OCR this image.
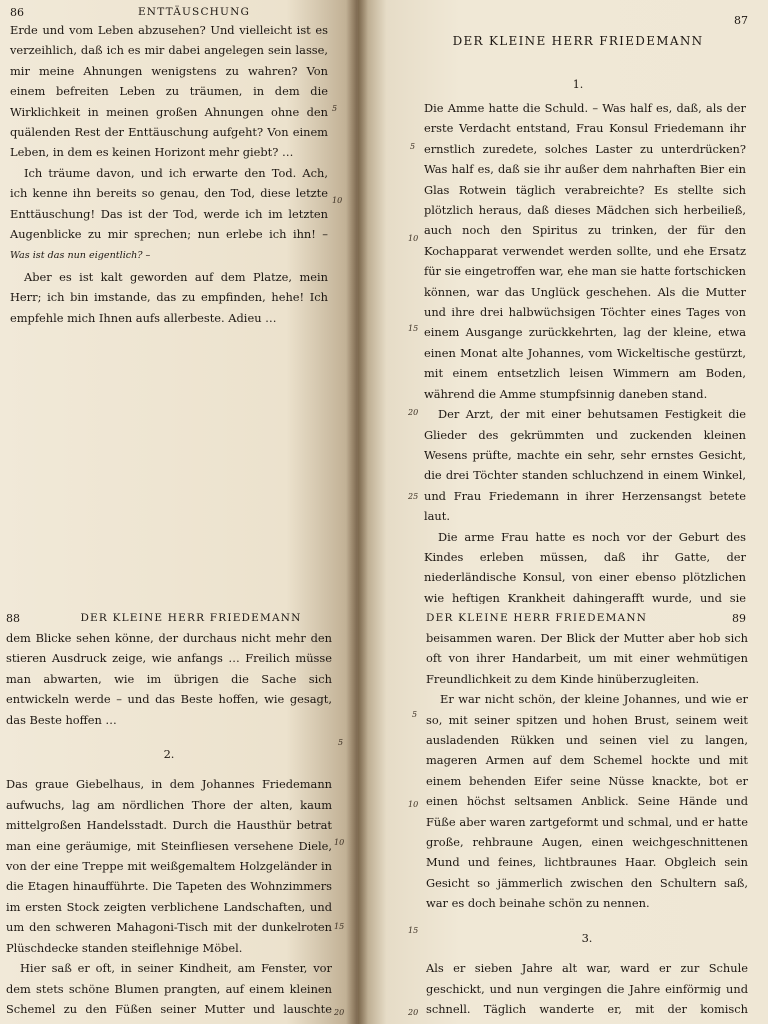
86	ENTTÄUSCHUNG

Erde und vom Leben abzusehen? Und vielleicht ist es verzeihlich, daß ich es mir dabei angelegen sein lasse, mir meine Ahnungen wenigstens zu wahren? Von einem befreiten Leben zu träumen, in dem die Wirklichkeit in meinen großen Ahnungen ohne den quälenden Rest der Enttäuschung aufgeht? Von einem Leben, in dem es keinen Horizont mehr giebt? …

Ich träume davon, und ich erwarte den Tod. Ach, ich kenne ihn bereits so genau, den Tod, diese letzte Enttäuschung! Das ist der Tod, werde ich im letzten Augenblicke zu mir sprechen; nun erlebe ich ihn! – Was ist das nun eigentlich? –

Aber es ist kalt geworden auf dem Platze, mein Herr; ich bin imstande, das zu empfinden, hehe! Ich empfehle mich Ihnen aufs allerbeste. Adieu …

5
10
87
DER KLEINE HERR FRIEDEMANN
1.

Die Amme hatte die Schuld. – Was half es, daß, als der erste Verdacht entstand, Frau Konsul Friedemann ihr ernstlich zuredete, solches Laster zu unterdrücken? Was half es, daß sie ihr außer dem nahrhaften Bier ein Glas Rotwein täglich verabreichte? Es stellte sich plötzlich heraus, daß dieses Mädchen sich herbeiließ, auch noch den Spiritus zu trinken, der für den Kochapparat verwendet werden sollte, und ehe Ersatz für sie eingetroffen war, ehe man sie hatte fortschicken können, war das Unglück geschehen. Als die Mutter und ihre drei halbwüchsigen Töchter eines Tages von einem Ausgange zurückkehrten, lag der kleine, etwa einen Monat alte Johannes, vom Wickeltische gestürzt, mit einem entsetzlich leisen Wimmern am Boden, während die Amme stumpfsinnig daneben stand.

Der Arzt, der mit einer behutsamen Festigkeit die Glieder des gekrümmten und zuckenden kleinen Wesens prüfte, machte ein sehr, sehr ernstes Gesicht, die drei Töchter standen schluchzend in einem Winkel, und Frau Friedemann in ihrer Herzensangst betete laut.

Die arme Frau hatte es noch vor der Geburt des Kindes erleben müssen, daß ihr Gatte, der niederländische Konsul, von einer ebenso plötzlichen wie heftigen Krankheit dahingerafft wurde, und sie

5
10
15
20
25
88	DER KLEINE HERR FRIEDEMANN

dem Blicke sehen könne, der durchaus nicht mehr den stieren Ausdruck zeige, wie anfangs … Freilich müsse man abwarten, wie im übrigen die Sache sich entwickeln werde – und das Beste hoffen, wie gesagt, das Beste hoffen …

2.

Das graue Giebelhaus, in dem Johannes Friedemann aufwuchs, lag am nördlichen Thore der alten, kaum mittelgroßen Handelsstadt. Durch die Hausthür betrat man eine geräumige, mit Steinfliesen versehene Diele, von der eine Treppe mit weißgemaltem Holzgeländer in die Etagen hinaufführte. Die Tapeten des Wohnzimmers im ersten Stock zeigten verblichene Landschaften, und um den schweren Mahagoni-Tisch mit der dunkelroten Plüschdecke standen steiflehnige Möbel.

Hier saß er oft, in seiner Kindheit, am Fenster, vor dem stets schöne Blumen prangten, auf einem kleinen Schemel zu den Füßen seiner Mutter und lauschte

5
10
15
20
DER KLEINE HERR FRIEDEMANN	89

beisammen waren. Der Blick der Mutter aber hob sich oft von ihrer Handarbeit, um mit einer wehmütigen Freundlichkeit zu dem Kinde hinüberzugleiten.

Er war nicht schön, der kleine Johannes, und wie er so, mit seiner spitzen und hohen Brust, seinem weit ausladenden Rükken und seinen viel zu langen, mageren Armen auf dem Schemel hockte und mit einem behenden Eifer seine Nüsse knackte, bot er einen höchst seltsamen Anblick. Seine Hände und Füße aber waren zartgeformt und schmal, und er hatte große, rehbraune Augen, einen weichgeschnittenen Mund und feines, lichtbraunes Haar. Obgleich sein Gesicht so jämmerlich zwischen den Schultern saß, war es doch beinahe schön zu nennen.

3.

Als er sieben Jahre alt war, ward er zur Schule geschickt, und nun vergingen die Jahre einförmig und schnell. Täglich wanderte er, mit der komisch

5
10
15
20
